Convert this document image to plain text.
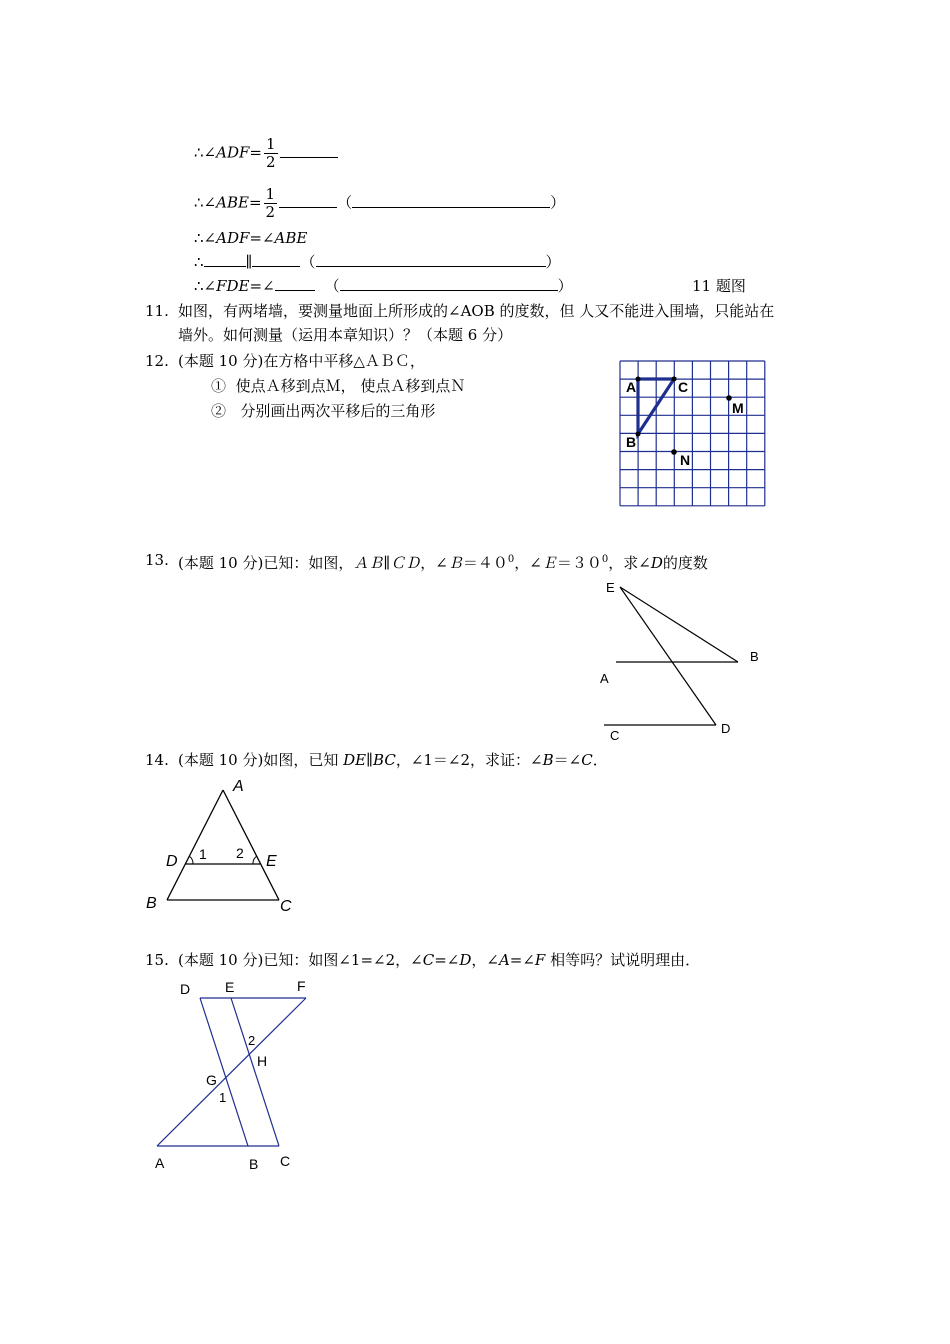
∴∠ADF= $\frac{1}{2}$
∴∠ABE= $\frac{1}{2}$	（	）
∴∠ADF=∠ABE
∴	∥	（	）
∴∠FDE=∠	（	）	11 题图
11. 如图，有两堵墙，要测量地面上所形成的∠AOB 的度数，但 人又不能进入围墙，只能站在
墙外。如何测量（运用本章知识）？（本题 6 分）
12. (本题 10 分)在方格中平移△ＡＢＣ，
① 使点Ａ移到点Ｍ， 使点Ａ移到点Ｎ
② 分别画出两次平移后的三角形
A	C
M
B
N
13. (本题 10 分)已知：如图，ＡＢ∥ＣＤ，$\angle B=40^0$，$\angle E=30^0$，求∠D的度数
E
B
A
D
C
14. (本题 10 分)如图，已知 DE∥BC，∠1＝∠2，求证：∠B＝∠C．
A
D	E
1 2
B	C
15. (本题 10 分)已知：如图∠1=∠2，∠C=∠D，∠A=∠F 相等吗？试说明理由．
D E	F
2
H
G
1
A	B C
